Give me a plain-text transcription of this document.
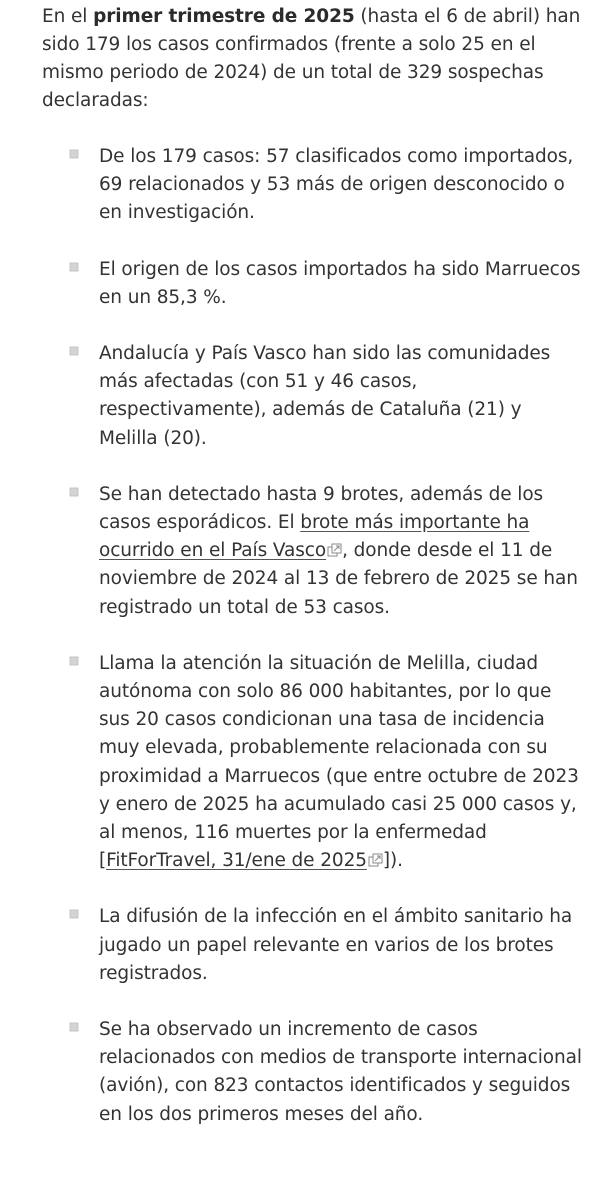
En el primer trimestre de 2025 (hasta el 6 de abril) han sido 179 los casos confirmados (frente a solo 25 en el mismo periodo de 2024) de un total de 329 sospechas declaradas:

De los 179 casos: 57 clasificados como importados, 69 relacionados y 53 más de origen desconocido o en investigación.
El origen de los casos importados ha sido Marruecos en un 85,3 %.
Andalucía y País Vasco han sido las comunidades más afectadas (con 51 y 46 casos, respectivamente), además de Cataluña (21) y Melilla (20).
Se han detectado hasta 9 brotes, además de los casos esporádicos. El brote más importante ha ocurrido en el País Vasco , donde desde el 11 de noviembre de 2024 al 13 de febrero de 2025 se han registrado un total de 53 casos.
Llama la atención la situación de Melilla, ciudad autónoma con solo 86 000 habitantes, por lo que sus 20 casos condicionan una tasa de incidencia muy elevada, probablemente relacionada con su proximidad a Marruecos (que entre octubre de 2023 y enero de 2025 ha acumulado casi 25 000 casos y, al menos, 116 muertes por la enfermedad [FitForTravel, 31/ene de 2025 ]).
La difusión de la infección en el ámbito sanitario ha jugado un papel relevante en varios de los brotes registrados.
Se ha observado un incremento de casos relacionados con medios de transporte internacional (avión), con 823 contactos identificados y seguidos en los dos primeros meses del año.
